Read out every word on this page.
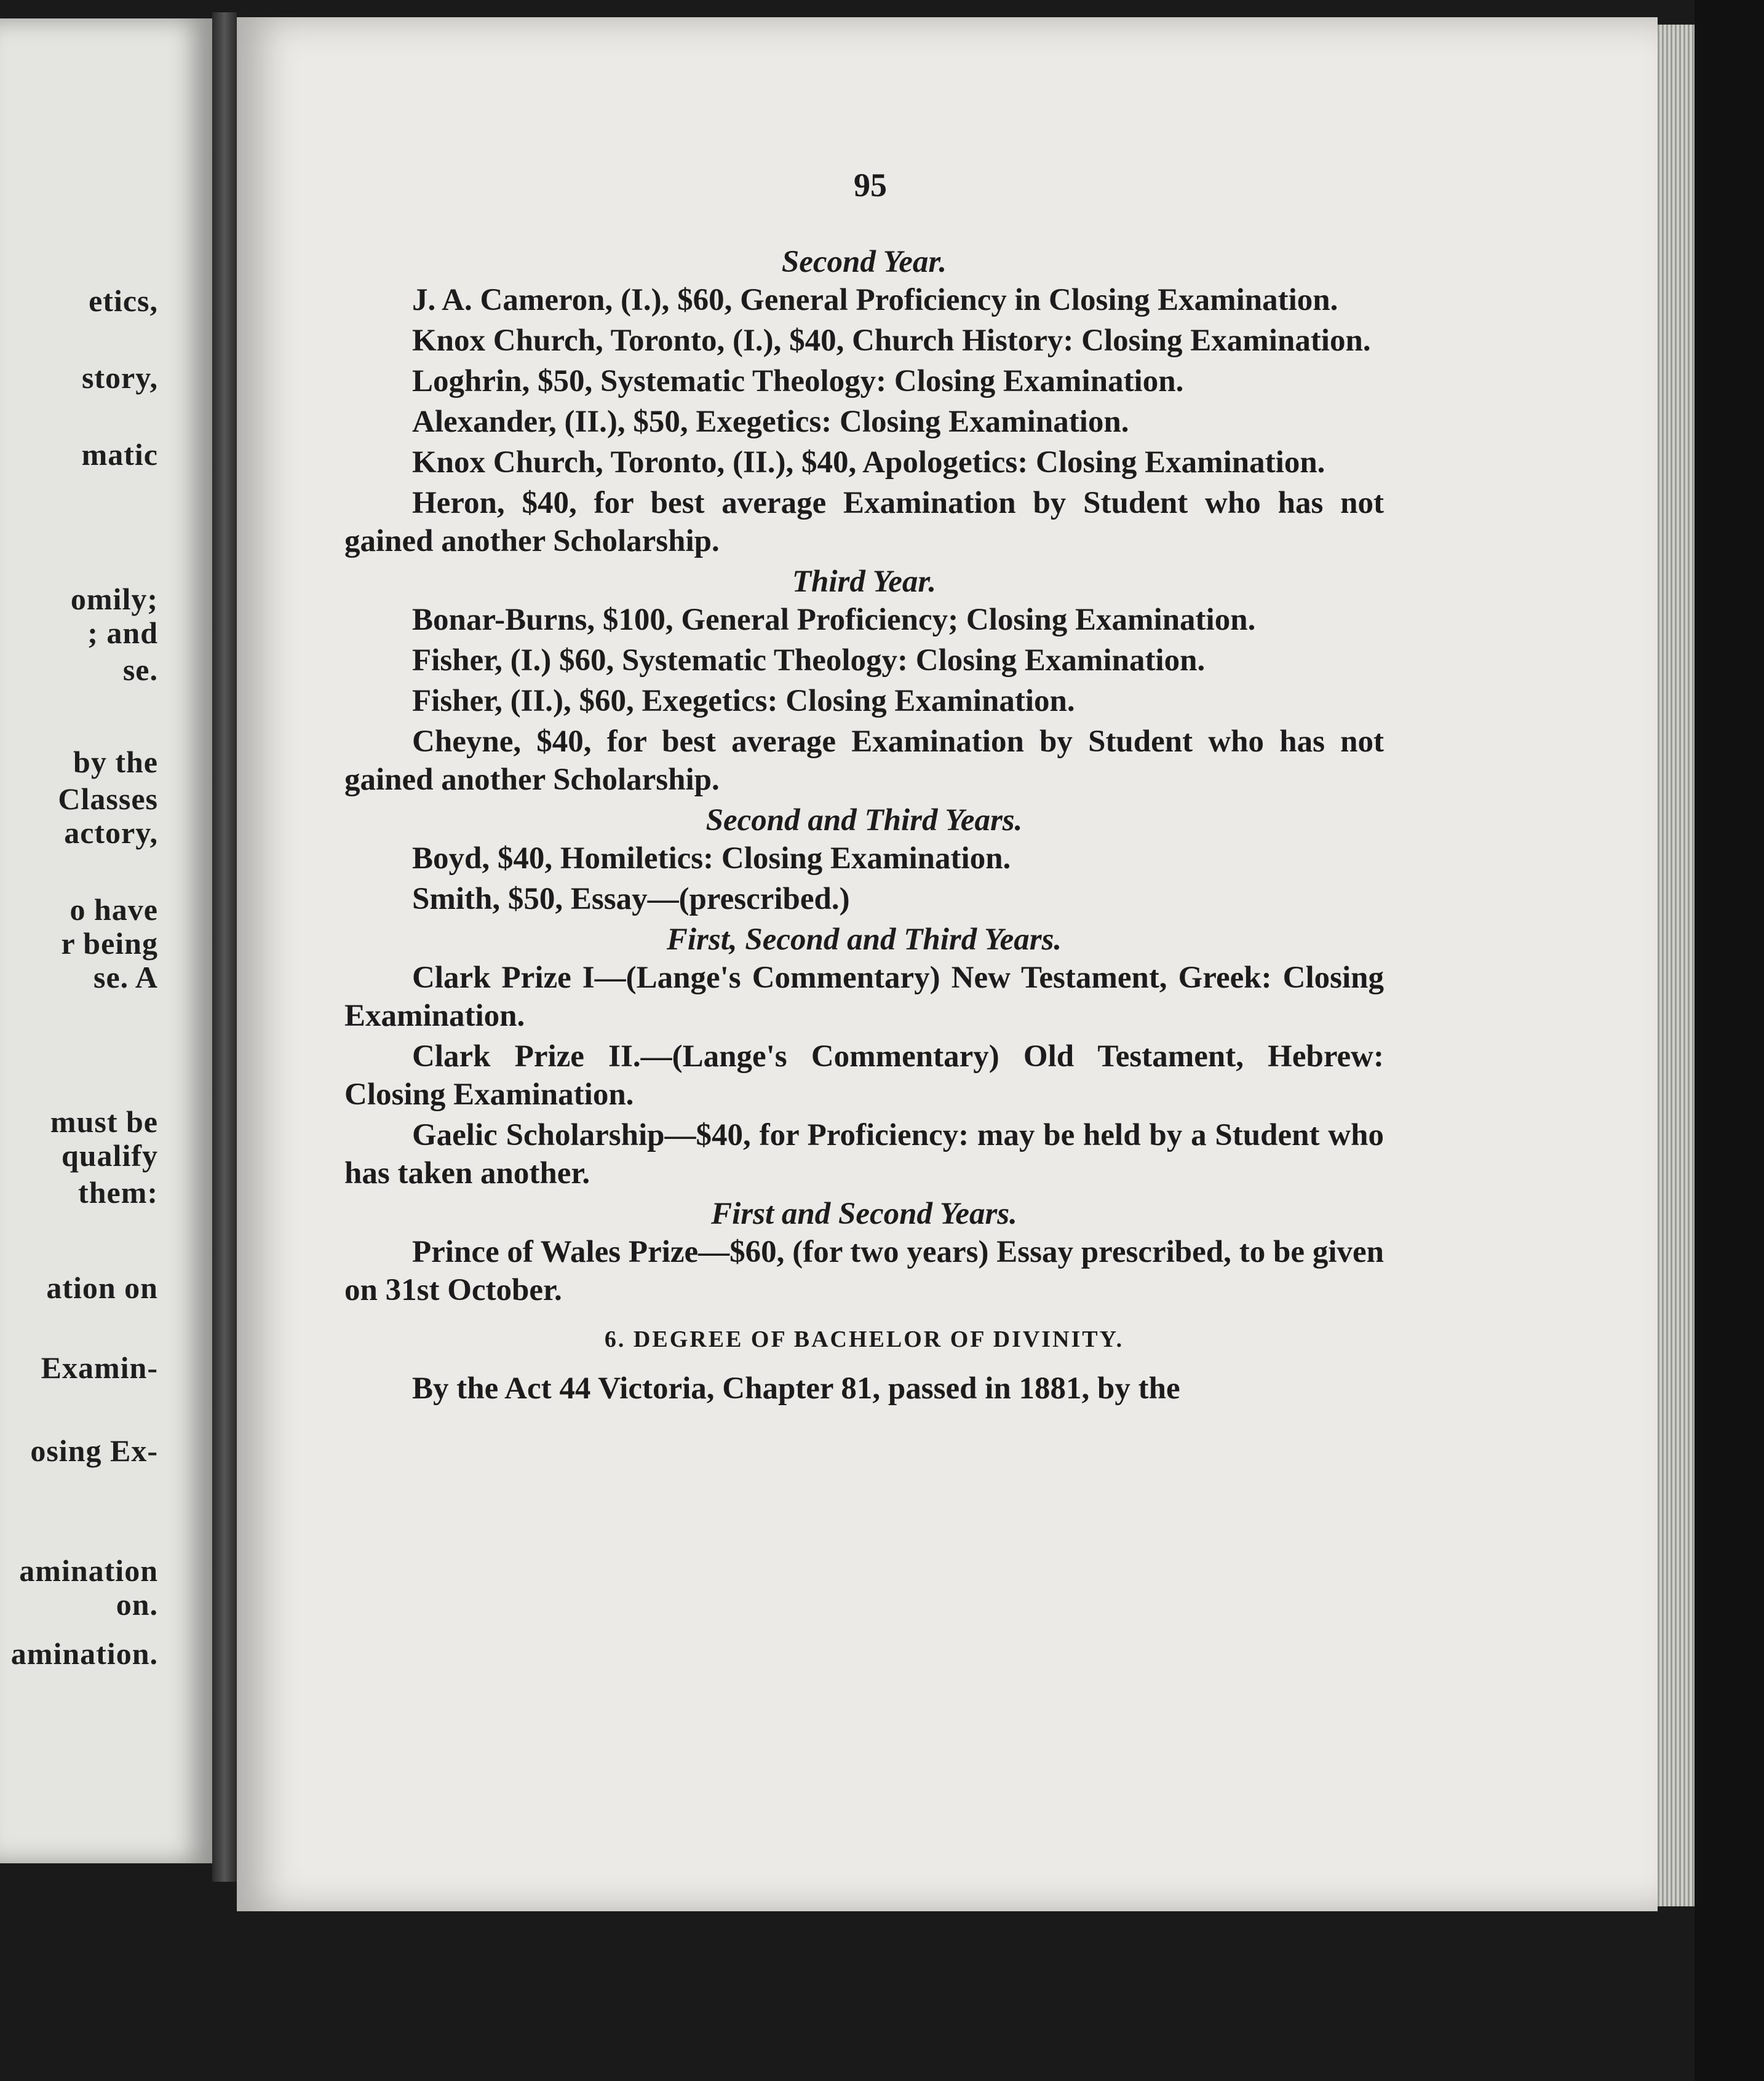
etics,
story,
matic
omily;
; and
se.
by the
Classes
actory,
o have
r being
se. A
must be
qualify
them:
ation on
Examin-
osing Ex-
amination
on.
amination.
95

Second Year.

J. A. Cameron, (I.), $60, General Proficiency in Closing Examination.

Knox Church, Toronto, (I.), $40, Church History: Closing Examination.

Loghrin, $50, Systematic Theology: Closing Examination.

Alexander, (II.), $50, Exegetics: Closing Examination.

Knox Church, Toronto, (II.), $40, Apologetics: Closing Examination.

Heron, $40, for best average Examination by Student who has not gained another Scholarship.

Third Year.

Bonar-Burns, $100, General Proficiency; Closing Examination.

Fisher, (I.) $60, Systematic Theology: Closing Examination.

Fisher, (II.), $60, Exegetics: Closing Examination.

Cheyne, $40, for best average Examination by Student who has not gained another Scholarship.

Second and Third Years.

Boyd, $40, Homiletics: Closing Examination.

Smith, $50, Essay—(prescribed.)

First, Second and Third Years.

Clark Prize I—(Lange's Commentary) New Testament, Greek: Closing Examination.

Clark Prize II.—(Lange's Commentary) Old Testament, Hebrew: Closing Examination.

Gaelic Scholarship—$40, for Proficiency: may be held by a Student who has taken another.

First and Second Years.

Prince of Wales Prize—$60, (for two years) Essay prescribed, to be given on 31st October.

6. DEGREE OF BACHELOR OF DIVINITY.

By the Act 44 Victoria, Chapter 81, passed in 1881, by the
